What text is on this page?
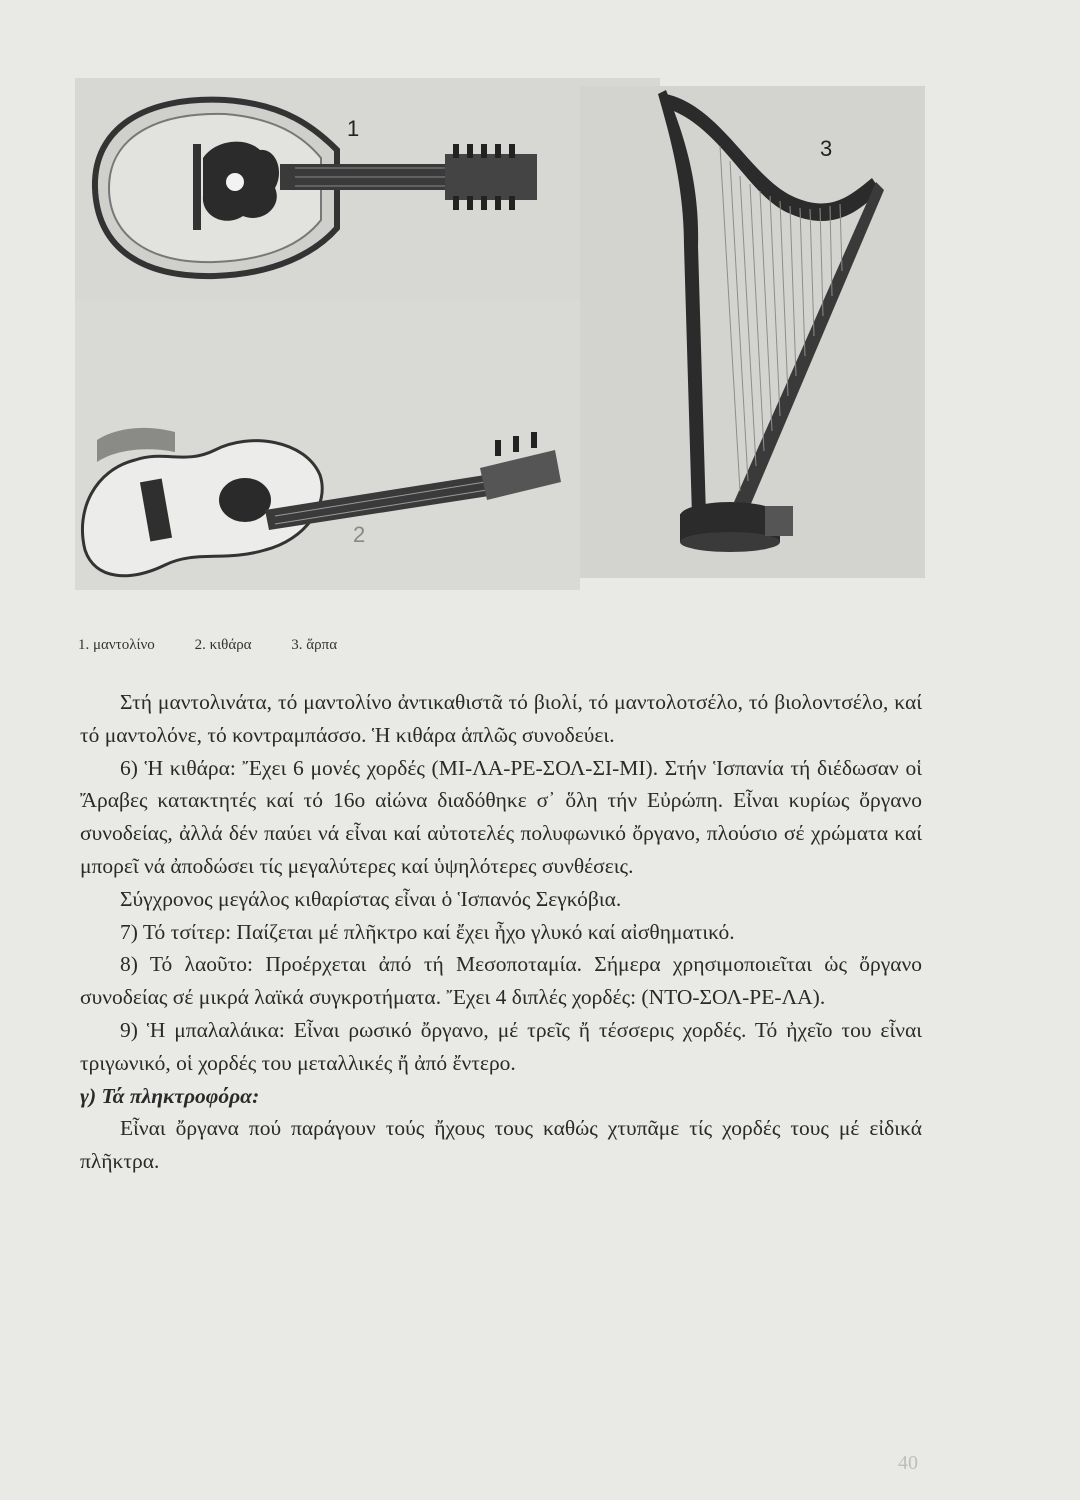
1
2
3
1. μαντολίνο	2. κιθάρα	3. ἅρπα

Στή μαντολινάτα, τό μαντολίνο ἀντικαθιστᾶ τό βιολί, τό μαντολοτσέλο, τό βιολοντσέλο, καί τό μαντολόνε, τό κοντραμπάσσο. Ἡ κιθάρα ἁπλῶς συνοδεύει.

6) Ἡ κιθάρα: Ἔχει 6 μονές χορδές (ΜΙ-ΛΑ-ΡΕ-ΣΟΛ-ΣΙ-ΜΙ). Στήν Ἱσπανία τή διέδωσαν οἱ Ἄραβες κατακτητές καί τό 16ο αἰώνα διαδόθηκε σ᾽ ὅλη τήν Εὐρώπη. Εἶναι κυρίως ὄργανο συνοδείας, ἀλλά δέν παύει νά εἶναι καί αὐτοτελές πολυφωνικό ὄργανο, πλούσιο σέ χρώματα καί μπορεῖ νά ἀποδώσει τίς μεγαλύτερες καί ὑψηλότερες συνθέσεις.

Σύγχρονος μεγάλος κιθαρίστας εἶναι ὁ Ἱσπανός Σεγκόβια.

7) Τό τσίτερ: Παίζεται μέ πλῆκτρο καί ἔχει ἦχο γλυκό καί αἰσθηματικό.

8) Τό λαοῦτο: Προέρχεται ἀπό τή Μεσοποταμία. Σήμερα χρησιμοποιεῖται ὡς ὄργανο συνοδείας σέ μικρά λαϊκά συγκροτήματα. Ἔχει 4 διπλές χορδές: (ΝΤΟ-ΣΟΛ-ΡΕ-ΛΑ).

9) Ἡ μπαλαλάικα: Εἶναι ρωσικό ὄργανο, μέ τρεῖς ἤ τέσσερις χορδές. Τό ἠχεῖο του εἶναι τριγωνικό, οἱ χορδές του μεταλλικές ἤ ἀπό ἔντερο.

γ) Τά πληκτροφόρα:

Εἶναι ὄργανα πού παράγουν τούς ἤχους τους καθώς χτυπᾶμε τίς χορδές τους μέ εἰδικά πλῆκτρα.

40
